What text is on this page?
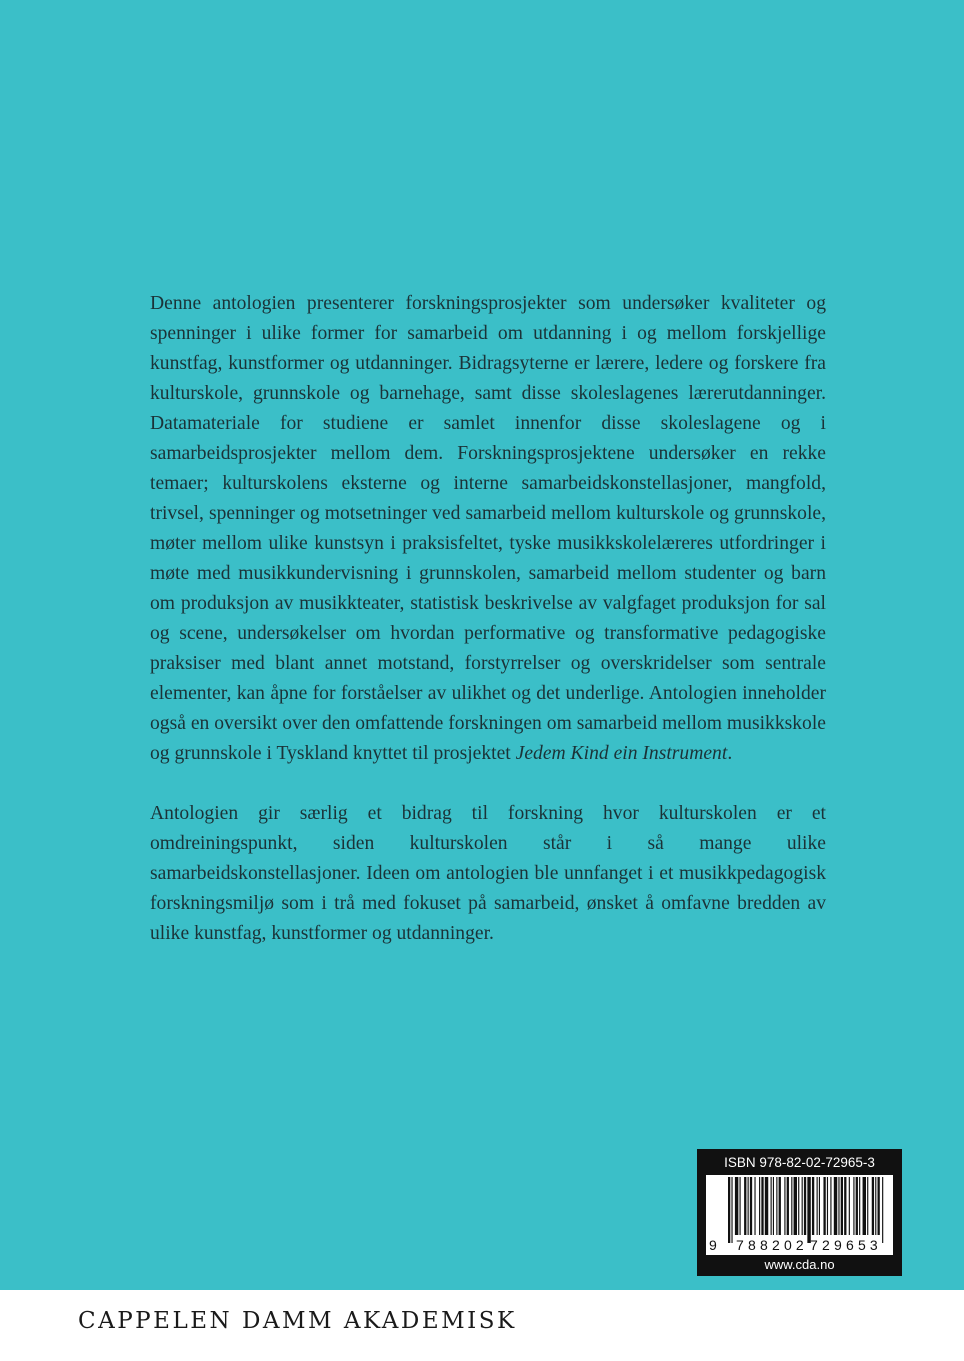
Denne antologien presenterer forskningsprosjekter som undersøker kvaliteter og spenninger i ulike former for samarbeid om utdanning i og mellom forskjellige kunstfag, kunstformer og utdanninger. Bidragsyterne er lærere, ledere og forskere fra kulturskole, grunnskole og barnehage, samt disse skoleslagenes lærerutdanninger. Datamateriale for studiene er samlet innenfor disse skoleslagene og i samarbeidsprosjekter mellom dem. Forskningsprosjektene undersøker en rekke temaer; kulturskolens eksterne og interne samarbeidskonstellasjoner, mangfold, trivsel, spenninger og motsetninger ved samarbeid mellom kulturskole og grunnskole, møter mellom ulike kunstsyn i praksisfeltet, tyske musikkskolelæreres utfordringer i møte med musikkundervisning i grunnskolen, samarbeid mellom studenter og barn om produksjon av musikkteater, statistisk beskrivelse av valgfaget produksjon for sal og scene, undersøkelser om hvordan performative og transformative pedagogiske praksiser med blant annet motstand, forstyrrelser og overskridelser som sentrale elementer, kan åpne for forståelser av ulikhet og det underlige. Antologien inneholder også en oversikt over den omfattende forskningen om samarbeid mellom musikkskole og grunnskole i Tyskland knyttet til prosjektet Jedem Kind ein Instrument.

Antologien gir særlig et bidrag til forskning hvor kulturskolen er et omdreiningspunkt, siden kulturskolen står i så mange ulike samarbeidskonstellasjoner. Ideen om antologien ble unnfanget i et musikkpedagogisk forskningsmiljø som i trå med fokuset på samarbeid, ønsket å omfavne bredden av ulike kunstfag, kunstformer og utdanninger.

ISBN 978-82-02-72965-3
9 788202 729653
www.cda.no
CAPPELEN DAMM AKADEMISK
